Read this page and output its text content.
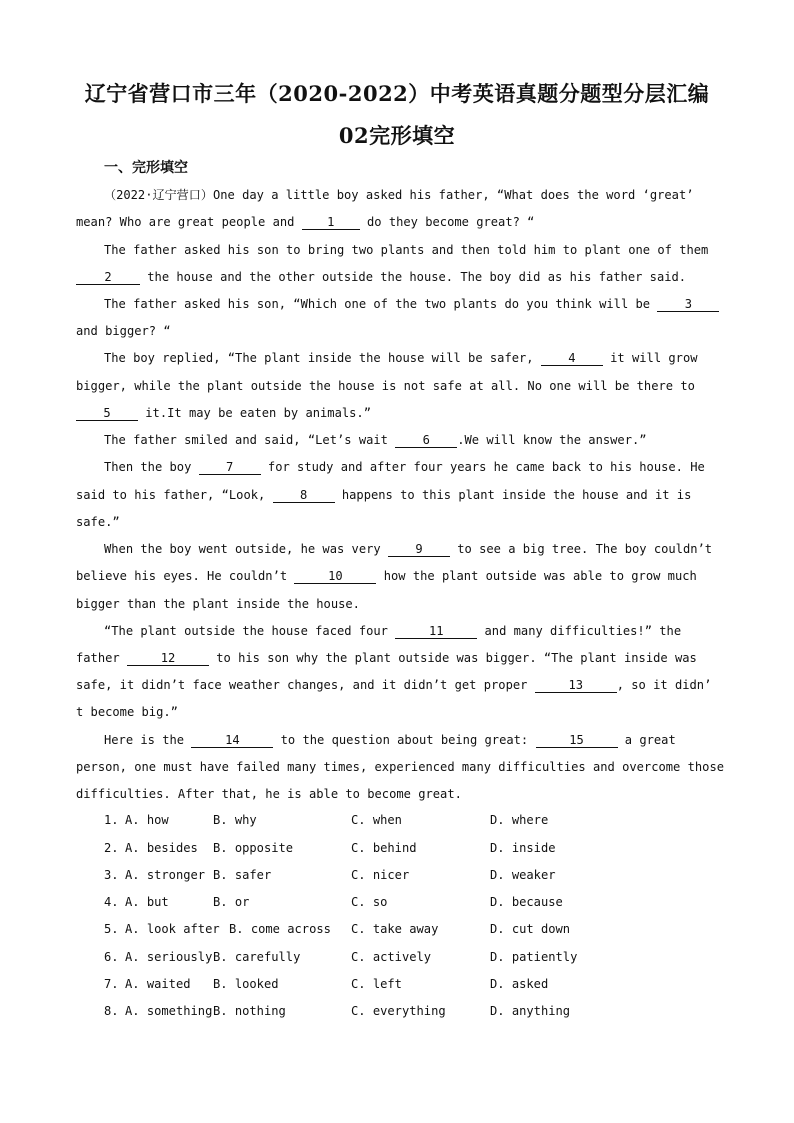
辽宁省营口市三年（2020-2022）中考英语真题分题型分层汇编
02完形填空
一、完形填空
（2022·辽宁营口）One day a little boy asked his father, “What does the word ‘great’
mean? Who are great people and 1 do they become great? “
The father asked his son to bring two plants and then told him to plant one of them
2 the house and the other outside the house. The boy did as his father said.
The father asked his son, “Which one of the two plants do you think will be 3
and bigger? “
The boy replied, “The plant inside the house will be safer, 4 it will grow
bigger, while the plant outside the house is not safe at all. No one will be there to
5 it.It may be eaten by animals.”
The father smiled and said, “Let’s wait 6 .We will know the answer.”
Then the boy 7 for study and after four years he came back to his house. He
said to his father, “Look, 8 happens to this plant inside the house and it is
safe.”
When the boy went outside, he was very 9 to see a big tree. The boy couldn’t
believe his eyes. He couldn’t	10	how the plant outside was able to grow much
bigger than the plant inside the house.
“The plant outside the house faced four	11	and many difficulties!” the
father	12	to his son why the plant outside was bigger. “The plant inside was
safe, it didn’t face weather changes, and it didn’t get proper	13	, so it didn’
t become big.”
Here is the	14	to the question about being great:	15	a great
person, one must have failed many times, experienced many difficulties and overcome those
difficulties. After that, he is able to become great.
1. A. how	B. why	C. when	D. where
2. A. besides B. opposite	C. behind	D. inside
3. A. stronger B. safer	C. nicer	D. weaker
4. A. but	B. or	C. so	D. because
5. A. look after B. come across C. take away	D. cut down
6. A. seriously B. carefully	C. actively	D. patiently
7. A. waited B. looked	C. left	D. asked
8. A. something B. nothing	C. everything	D. anything
